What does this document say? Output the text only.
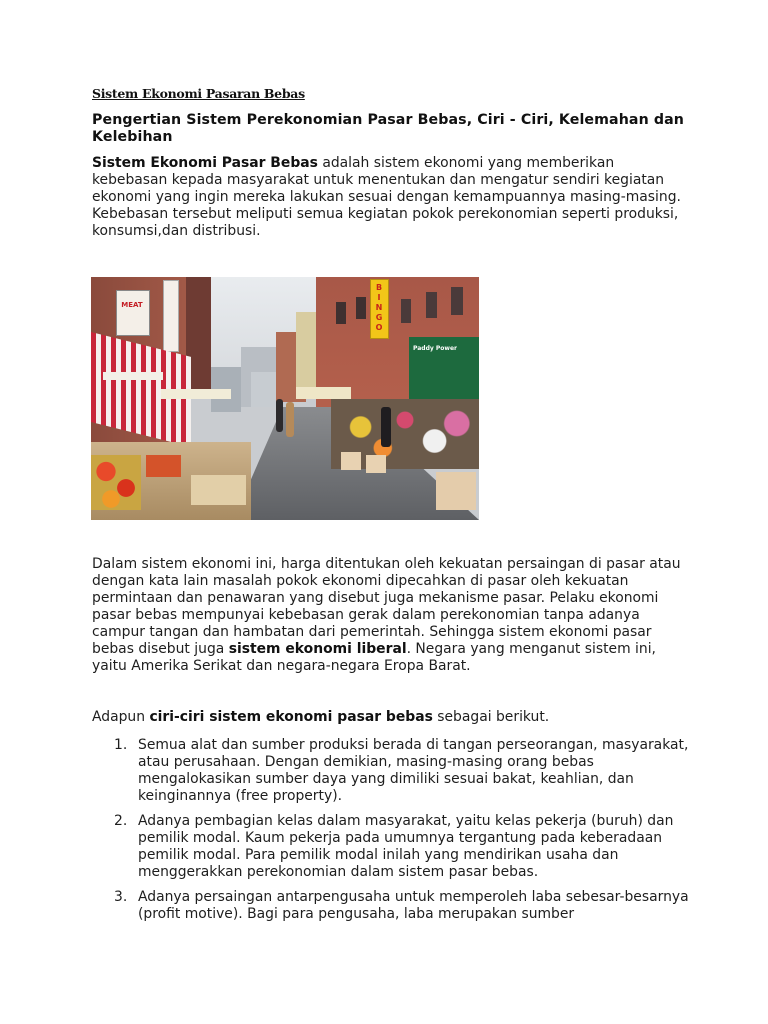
Sistem Ekonomi Pasaran Bebas
Pengertian Sistem Perekonomian Pasar Bebas, Ciri - Ciri, Kelemahan dan Kelebihan
Sistem Ekonomi Pasar Bebas adalah sistem ekonomi yang memberikan kebebasan kepada masyarakat untuk menentukan dan mengatur sendiri kegiatan ekonomi yang ingin mereka lakukan sesuai dengan kemampuannya masing-masing. Kebebasan tersebut meliputi semua kegiatan pokok perekonomian seperti produksi, konsumsi,dan distribusi.
B
I
N
G
O
Paddy Power
MEAT
Dalam sistem ekonomi ini, harga ditentukan oleh kekuatan persaingan di pasar atau dengan kata lain masalah pokok ekonomi dipecahkan di pasar oleh kekuatan permintaan dan penawaran yang disebut juga mekanisme pasar. Pelaku ekonomi pasar bebas mempunyai kebebasan gerak dalam perekonomian tanpa adanya campur tangan dan hambatan dari pemerintah. Sehingga sistem ekonomi pasar bebas disebut juga sistem ekonomi liberal. Negara yang menganut sistem ini, yaitu Amerika Serikat dan negara-negara Eropa Barat.
Adapun ciri-ciri sistem ekonomi pasar bebas sebagai berikut.
1. Semua alat dan sumber produksi berada di tangan perseorangan, masyarakat, atau perusahaan. Dengan demikian, masing-masing orang bebas mengalokasikan sumber daya yang dimiliki sesuai bakat, keahlian, dan keinginannya (free property).
2. Adanya pembagian kelas dalam masyarakat, yaitu kelas pekerja (buruh) dan pemilik modal. Kaum pekerja pada umumnya tergantung pada keberadaan pemilik modal. Para pemilik modal inilah yang mendirikan usaha dan menggerakkan perekonomian dalam sistem pasar bebas.
3. Adanya persaingan antarpengusaha untuk memperoleh laba sebesar-besarnya (profit motive). Bagi para pengusaha, laba merupakan sumber
